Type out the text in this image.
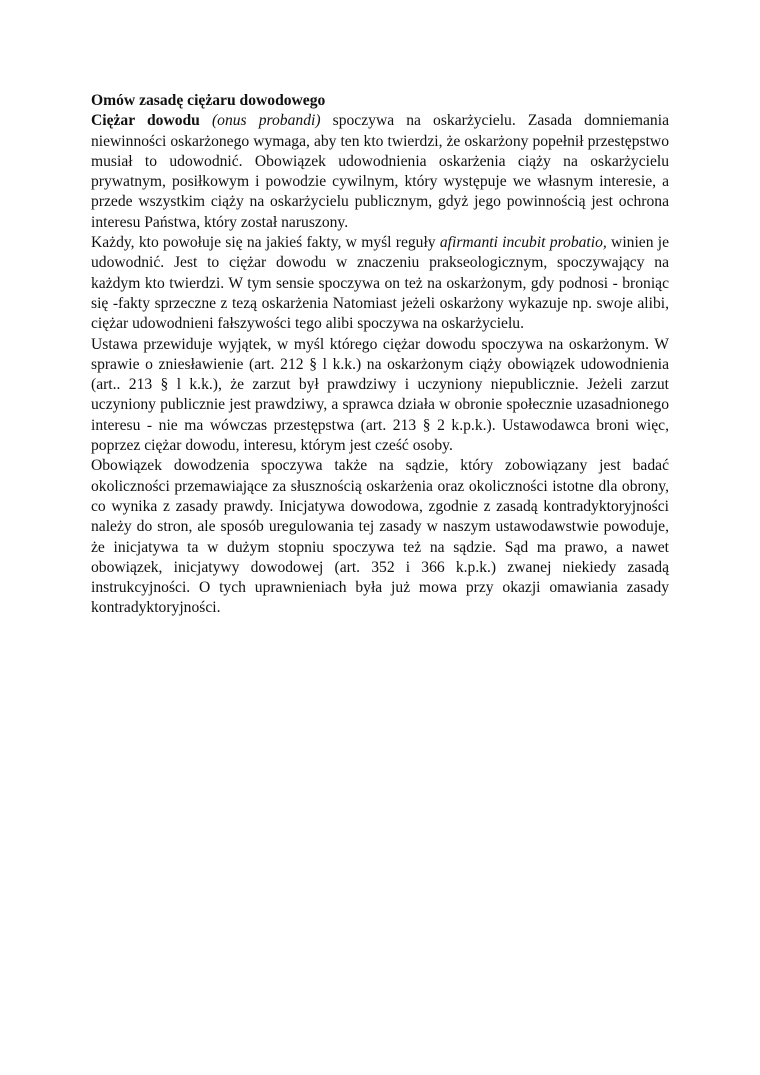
Omów zasadę ciężaru dowodowego

Ciężar dowodu (onus probandi) spoczywa na oskarżycielu. Zasada domniemania niewinności oskarżonego wymaga, aby ten kto twierdzi, że oskarżony popełnił przestępstwo musiał to udowodnić. Obowiązek udowodnienia oskarżenia ciąży na oskarżycielu prywatnym, posiłkowym i powodzie cywilnym, który występuje we własnym interesie, a przede wszystkim ciąży na oskarżycielu publicznym, gdyż jego powinnością jest ochrona interesu Państwa, który został naruszony.

Każdy, kto powołuje się na jakieś fakty, w myśl reguły afirmanti incubit probatio, winien je udowodnić. Jest to ciężar dowodu w znaczeniu prakseologicznym, spoczywający na każdym kto twierdzi. W tym sensie spoczywa on też na oskarżonym, gdy podnosi - broniąc się -fakty sprzeczne z tezą oskarżenia Natomiast jeżeli oskarżony wykazuje np. swoje alibi, ciężar udowodnieni fałszywości tego alibi spoczywa na oskarżycielu.

Ustawa przewiduje wyjątek, w myśl którego ciężar dowodu spoczywa na oskarżonym. W sprawie o zniesławienie (art. 212 § l k.k.) na oskarżonym ciąży obowiązek udowodnienia (art.. 213 § l k.k.), że zarzut był prawdziwy i uczyniony niepublicznie. Jeżeli zarzut uczyniony publicznie jest prawdziwy, a sprawca działa w obronie społecznie uzasadnionego interesu - nie ma wówczas przestępstwa (art. 213 § 2 k.p.k.). Ustawodawca broni więc, poprzez ciężar dowodu, interesu, którym jest cześć osoby.

Obowiązek dowodzenia spoczywa także na sądzie, który zobowiązany jest badać okoliczności przemawiające za słusznością oskarżenia oraz okoliczności istotne dla obrony, co wynika z zasady prawdy. Inicjatywa dowodowa, zgodnie z zasadą kontradyktoryjności należy do stron, ale sposób uregulowania tej zasady w naszym ustawodawstwie powoduje, że inicjatywa ta w dużym stopniu spoczywa też na sądzie. Sąd ma prawo, a nawet obowiązek, inicjatywy dowodowej (art. 352 i 366 k.p.k.) zwanej niekiedy zasadą instrukcyjności. O tych uprawnieniach była już mowa przy okazji omawiania zasady kontradyktoryjności.
